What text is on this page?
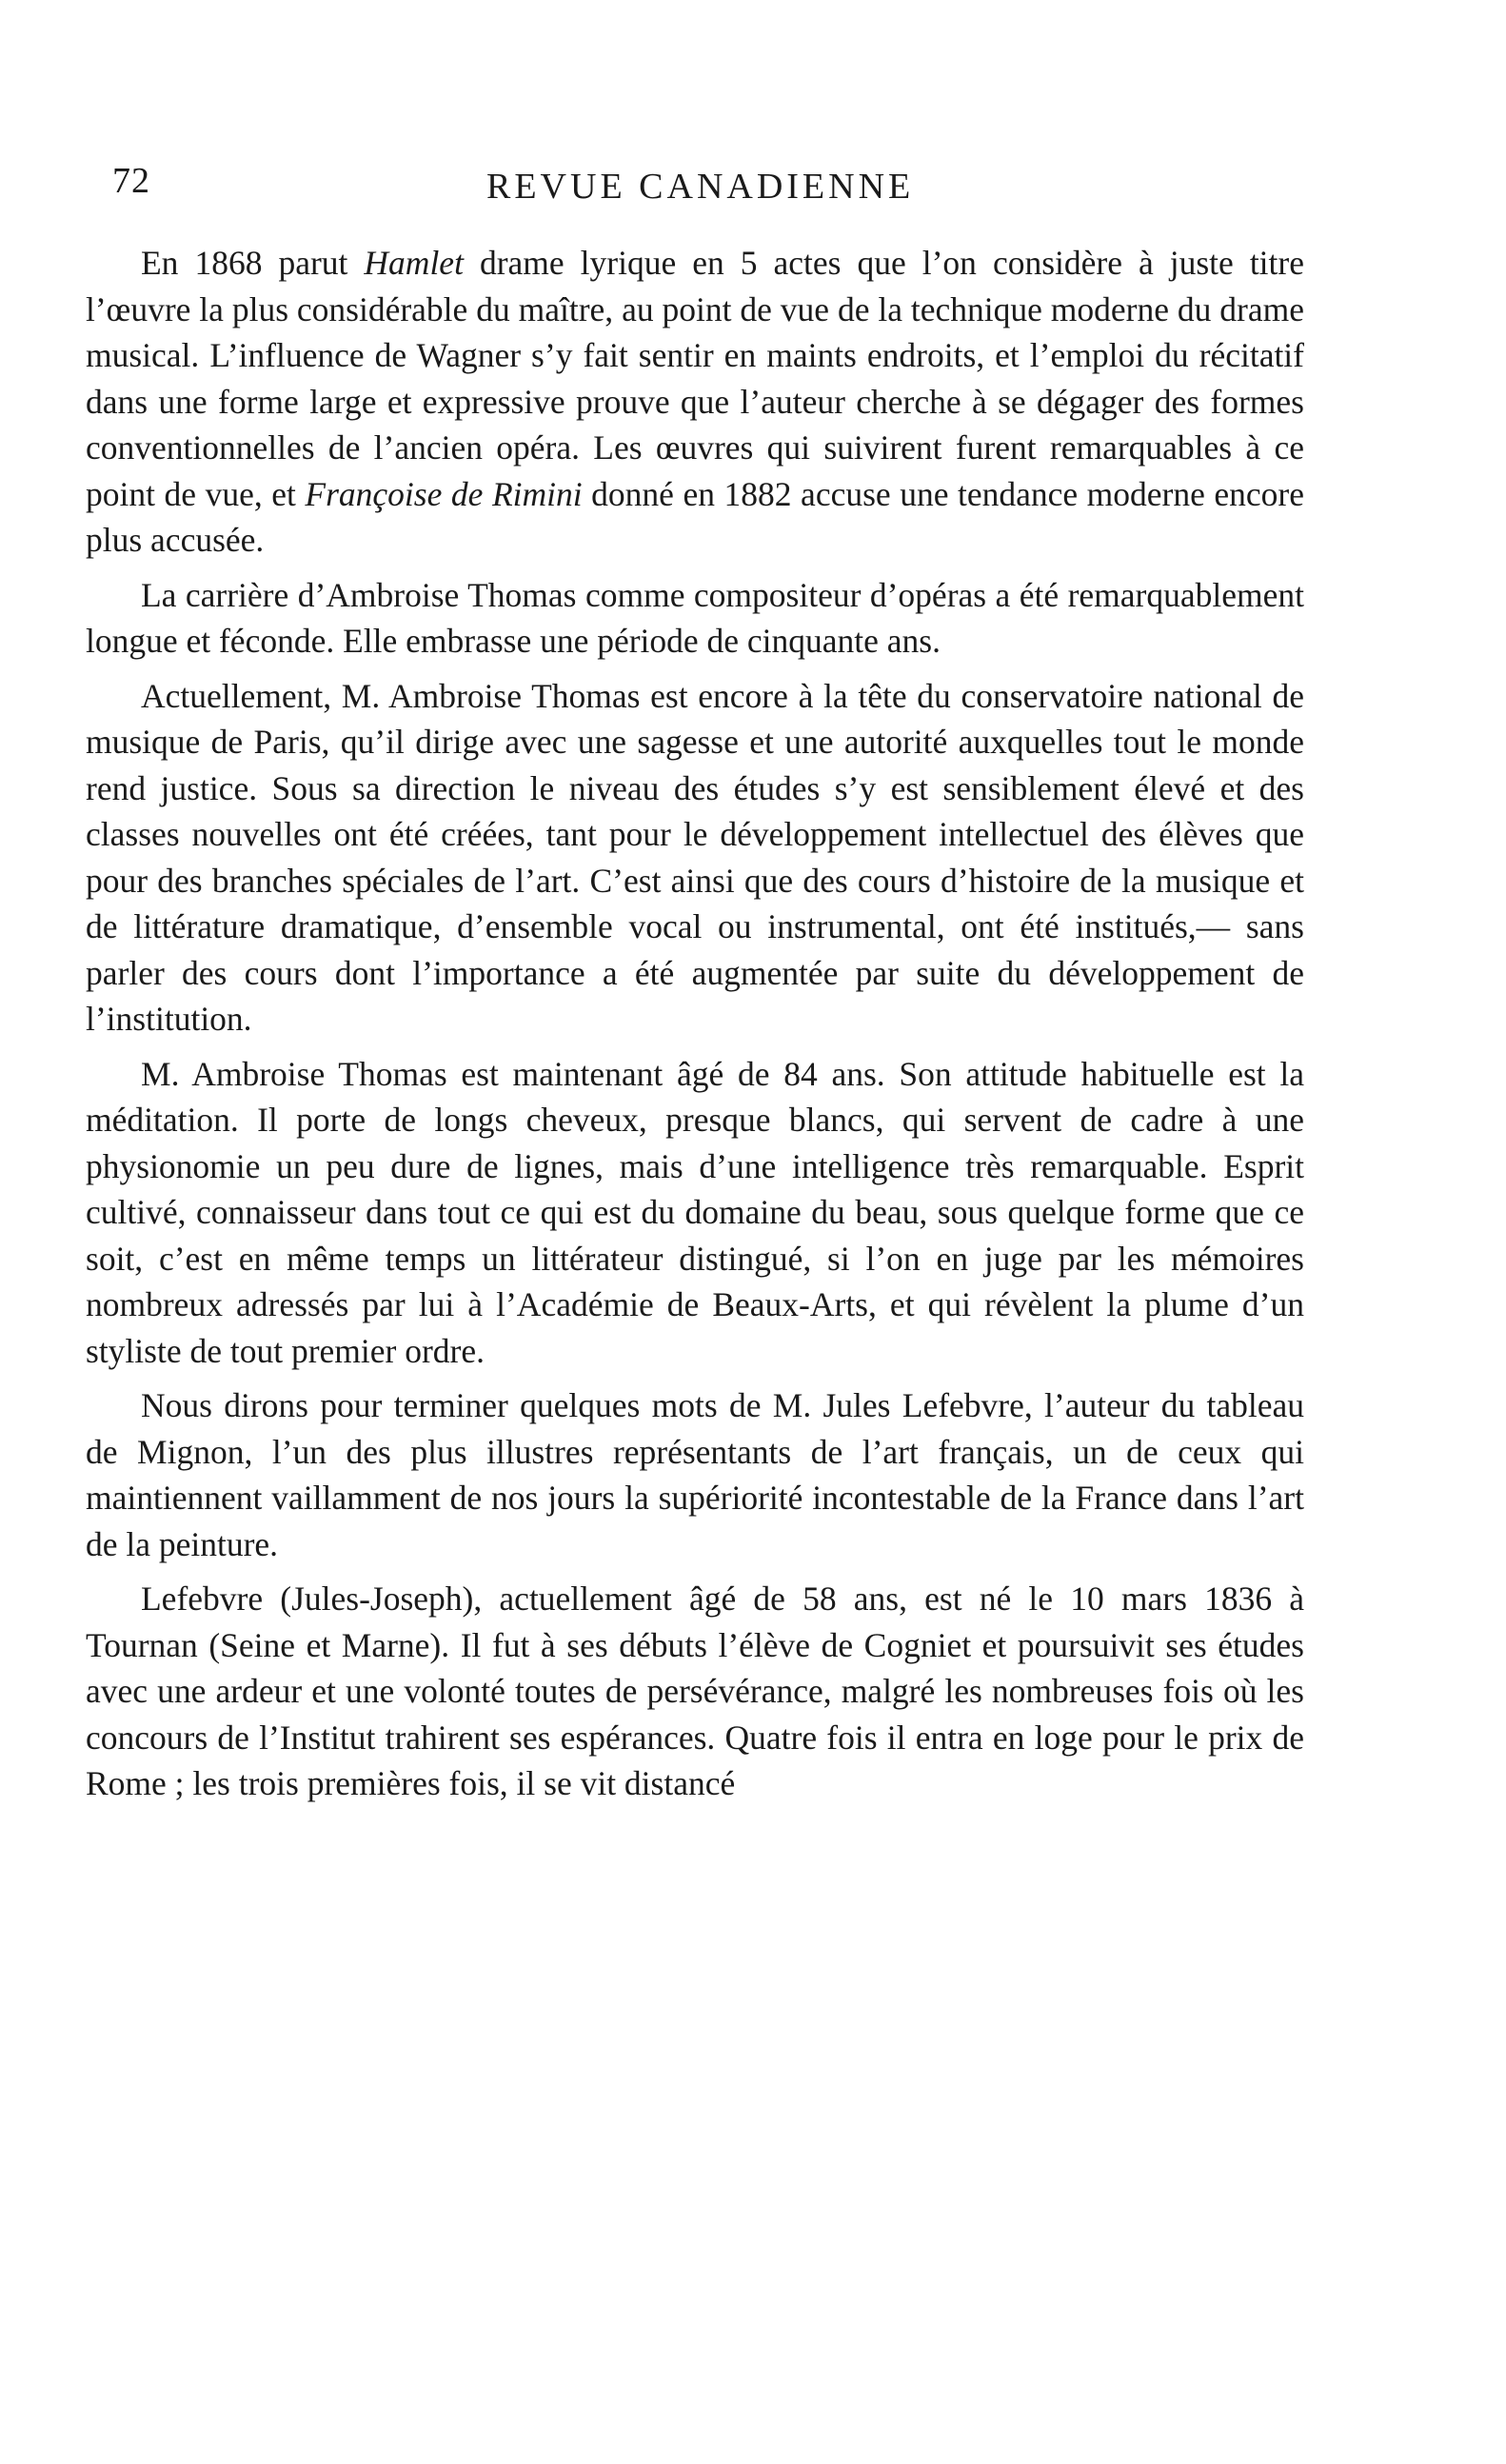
72	REVUE CANADIENNE

En 1868 parut Hamlet drame lyrique en 5 actes que l’on considère à juste titre l’œuvre la plus considérable du maître, au point de vue de la technique moderne du drame musical. L’influence de Wagner s’y fait sentir en maints endroits, et l’emploi du récitatif dans une forme large et expressive prouve que l’auteur cherche à se dégager des formes conventionnelles de l’ancien opéra. Les œuvres qui suivirent furent remarquables à ce point de vue, et Françoise de Rimini donné en 1882 accuse une tendance moderne encore plus accusée.

La carrière d’Ambroise Thomas comme compositeur d’opéras a été remarquablement longue et féconde. Elle embrasse une période de cinquante ans.

Actuellement, M. Ambroise Thomas est encore à la tête du conservatoire national de musique de Paris, qu’il dirige avec une sagesse et une autorité auxquelles tout le monde rend justice. Sous sa direction le niveau des études s’y est sensiblement élevé et des classes nouvelles ont été créées, tant pour le développement intellectuel des élèves que pour des branches spéciales de l’art. C’est ainsi que des cours d’histoire de la musique et de littérature dramatique, d’ensemble vocal ou instrumental, ont été institués,— sans parler des cours dont l’importance a été augmentée par suite du développement de l’institution.

M. Ambroise Thomas est maintenant âgé de 84 ans. Son attitude habituelle est la méditation. Il porte de longs cheveux, presque blancs, qui servent de cadre à une physionomie un peu dure de lignes, mais d’une intelligence très remarquable. Esprit cultivé, connaisseur dans tout ce qui est du domaine du beau, sous quelque forme que ce soit, c’est en même temps un littérateur distingué, si l’on en juge par les mémoires nombreux adressés par lui à l’Académie de Beaux-Arts, et qui révèlent la plume d’un styliste de tout premier ordre.

Nous dirons pour terminer quelques mots de M. Jules Lefebvre, l’auteur du tableau de Mignon, l’un des plus illustres représentants de l’art français, un de ceux qui maintiennent vaillamment de nos jours la supériorité incontestable de la France dans l’art de la peinture.

Lefebvre (Jules-Joseph), actuellement âgé de 58 ans, est né le 10 mars 1836 à Tournan (Seine et Marne). Il fut à ses débuts l’élève de Cogniet et poursuivit ses études avec une ardeur et une volonté toutes de persévérance, malgré les nombreuses fois où les concours de l’Institut trahirent ses espérances. Quatre fois il entra en loge pour le prix de Rome ; les trois premières fois, il se vit distancé
